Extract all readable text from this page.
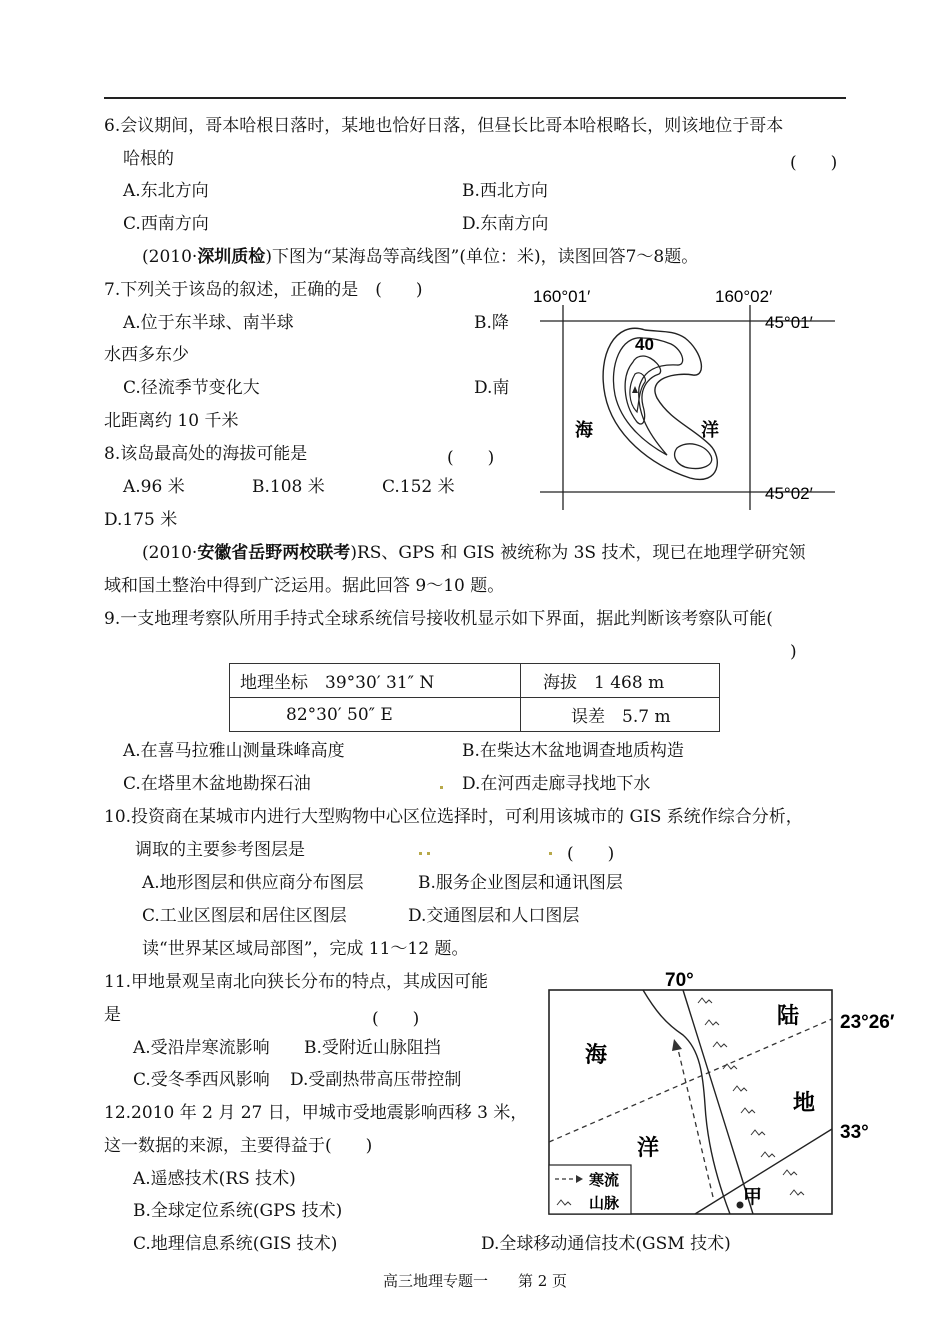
6.会议期间，哥本哈根日落时，某地也恰好日落，但昼长比哥本哈根略长，则该地位于哥本
哈根的	(　　)
A.东北方向	B.西北方向
C.西南方向	D.东南方向
(2010·深圳质检)下图为“某海岛等高线图”(单位：米)，读图回答7～8题。
7.下列关于该岛的叙述，正确的是　(　　)
A.位于东半球、南半球	B.降
水西多东少
C.径流季节变化大	D.南
北距离约 10 千米
8.该岛最高处的海拔可能是	(　　)
A.96 米	B.108 米	C.152 米
D.175 米
160°01′	160°02′
45°01′
45°02′
40
海	洋
(2010·安徽省岳野两校联考)RS、GPS 和 GIS 被统称为 3S 技术，现已在地理学研究领
域和国土整治中得到广泛运用。据此回答 9～10 题。
9.一支地理考察队所用手持式全球系统信号接收机显示如下界面，据此判断该考察队可能(
)
地理坐标　39°30′ 31″ N	海拔　1 468 m
82°30′ 50″ E	误差　5.7 m
A.在喜马拉雅山测量珠峰高度	B.在柴达木盆地调查地质构造
C.在塔里木盆地勘探石油	D.在河西走廊寻找地下水
10.投资商在某城市内进行大型购物中心区位选择时，可利用该城市的 GIS 系统作综合分析，
调取的主要参考图层是	(　　)
A.地形图层和供应商分布图层	B.服务企业图层和通讯图层
C.工业区图层和居住区图层	D.交通图层和人口图层
读“世界某区域局部图”，完成 11～12 题。
11.甲地景观呈南北向狭长分布的特点，其成因可能
是	(　　)
A.受沿岸寒流影响 B.受附近山脉阻挡
C.受冬季西风影响 D.受副热带高压带控制
12.2010 年 2 月 27 日，甲城市受地震影响西移 3 米，
这一数据的来源，主要得益于(　　)
A.遥感技术(RS 技术)
B.全球定位系统(GPS 技术)
C.地理信息系统(GIS 技术)	D.全球移动通信技术(GSM 技术)
70°
23°26′
33°
陆
地
海
洋
甲
寒流
山脉
高三地理专题一　　 第 2 页
